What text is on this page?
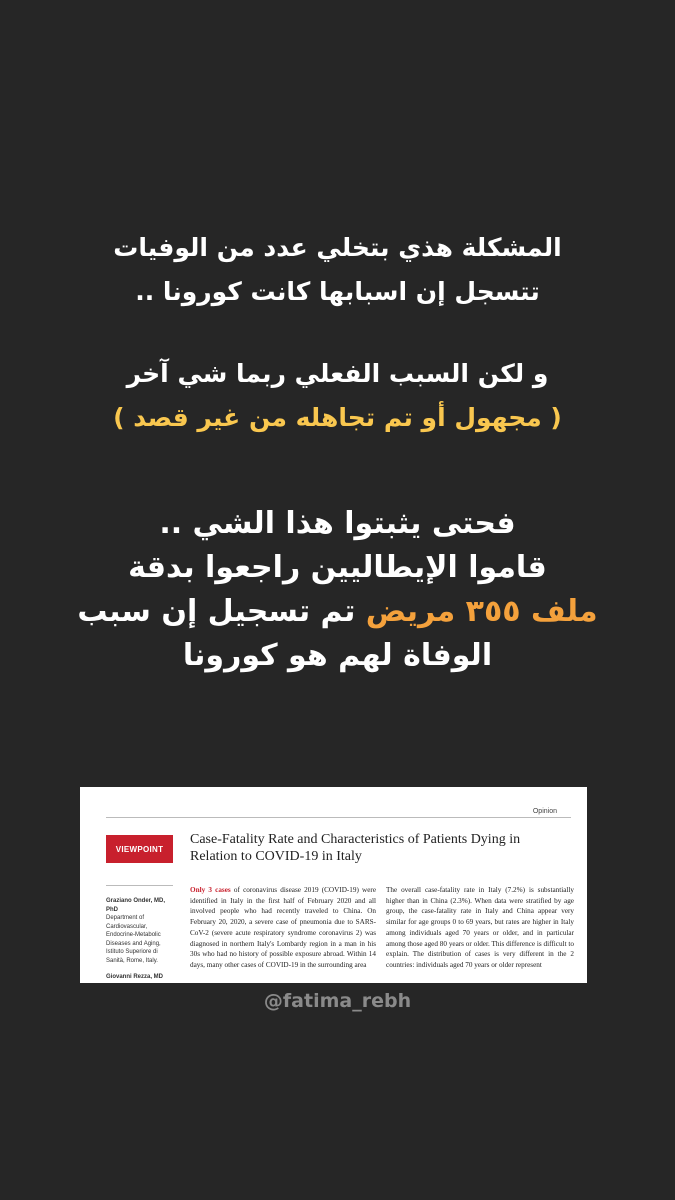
المشكلة هذي بتخلي عدد من الوفيات
تتسجل إن اسبابها كانت كورونا ..
و لكن السبب الفعلي ربما شي آخر
( مجهول أو تم تجاهله من غير قصد )
فحتى يثبتوا هذا الشي ..
قاموا الإيطاليين راجعوا بدقة
ملف ٣٥٥ مريض تم تسجيل إن سبب
الوفاة لهم هو كورونا
Opinion
VIEWPOINT
Case-Fatality Rate and Characteristics of Patients Dying in Relation to COVID-19 in Italy
Graziano Onder, MD, PhD
Department of Cardiovascular, Endocrine-Metabolic Diseases and Aging, Istituto Superiore di Sanità, Rome, Italy.
Giovanni Rezza, MD
Only 3 cases of coronavirus disease 2019 (COVID-19) were identified in Italy in the first half of February 2020 and all involved people who had recently traveled to China. On February 20, 2020, a severe case of pneumonia due to SARS-CoV-2 (severe acute respiratory syndrome coronavirus 2) was diagnosed in northern Italy's Lombardy region in a man in his 30s who had no history of possible exposure abroad. Within 14 days, many other cases of COVID-19 in the surrounding area
The overall case-fatality rate in Italy (7.2%) is substantially higher than in China (2.3%). When data were stratified by age group, the case-fatality rate in Italy and China appear very similar for age groups 0 to 69 years, but rates are higher in Italy among individuals aged 70 years or older, and in particular among those aged 80 years or older. This difference is difficult to explain. The distribution of cases is very different in the 2 countries: individuals aged 70 years or older represent
@fatima_rebh
